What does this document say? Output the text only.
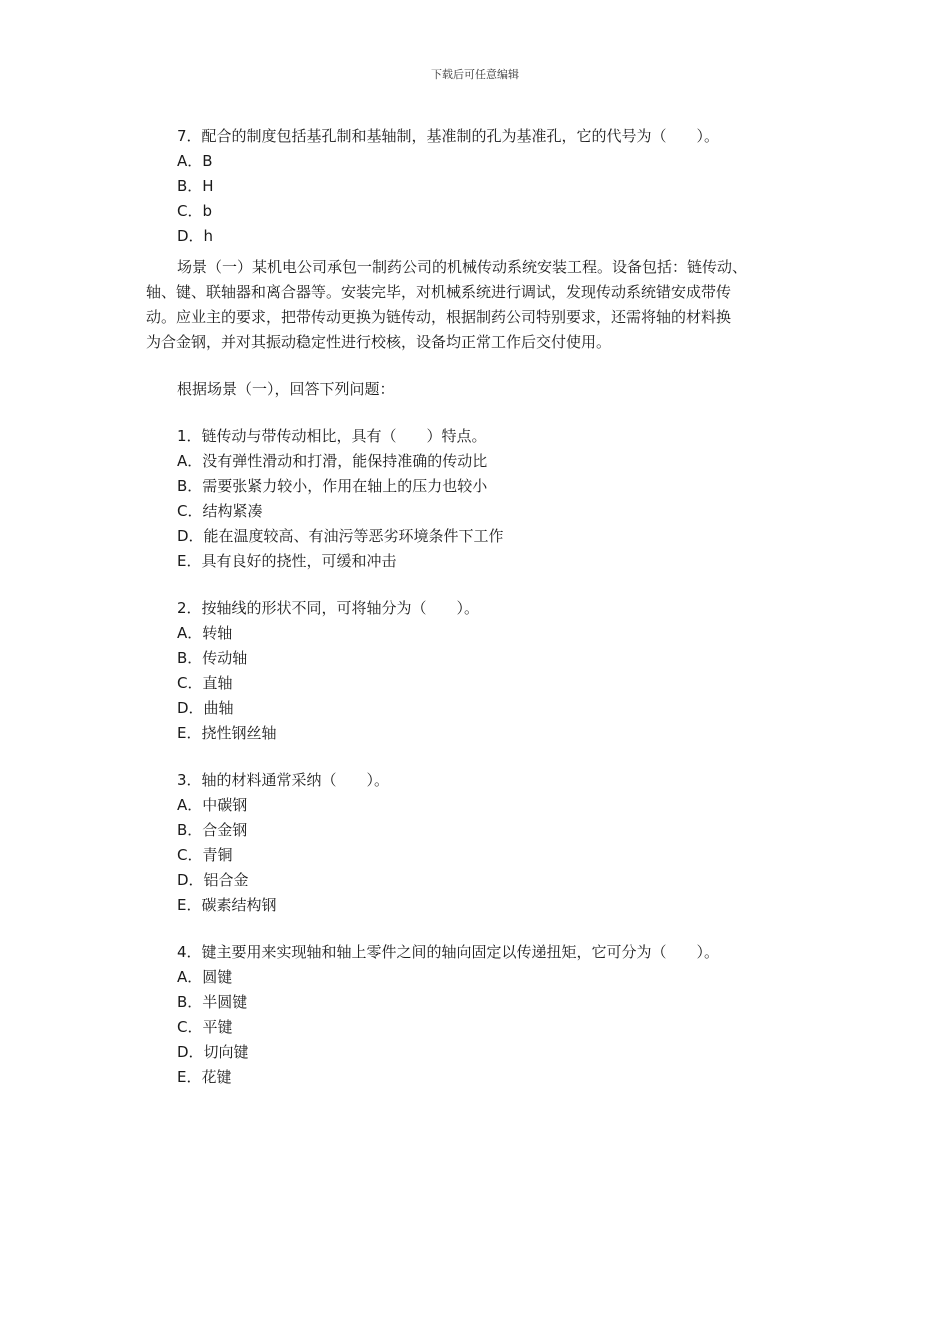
下载后可任意编辑
7．配合的制度包括基孔制和基轴制，基准制的孔为基准孔，它的代号为（　　）。
A．B
B．H
C．b
D．h
场景（一）某机电公司承包一制药公司的机械传动系统安装工程。设备包括：链传动、
轴、键、联轴器和离合器等。安装完毕，对机械系统进行调试，发现传动系统错安成带传
动。应业主的要求，把带传动更换为链传动，根据制药公司特别要求，还需将轴的材料换
为合金钢，并对其振动稳定性进行校核，设备均正常工作后交付使用。
根据场景（一），回答下列问题：
1．链传动与带传动相比，具有（　　）特点。
A．没有弹性滑动和打滑，能保持准确的传动比
B．需要张紧力较小，作用在轴上的压力也较小
C．结构紧凑
D．能在温度较高、有油污等恶劣环境条件下工作
E．具有良好的挠性，可缓和冲击
2．按轴线的形状不同，可将轴分为（　　）。
A．转轴
B．传动轴
C．直轴
D．曲轴
E．挠性钢丝轴
3．轴的材料通常采纳（　　）。
A．中碳钢
B．合金钢
C．青铜
D．铝合金
E．碳素结构钢
4．键主要用来实现轴和轴上零件之间的轴向固定以传递扭矩，它可分为（　　）。
A．圆键
B．半圆键
C．平键
D．切向键
E．花键
